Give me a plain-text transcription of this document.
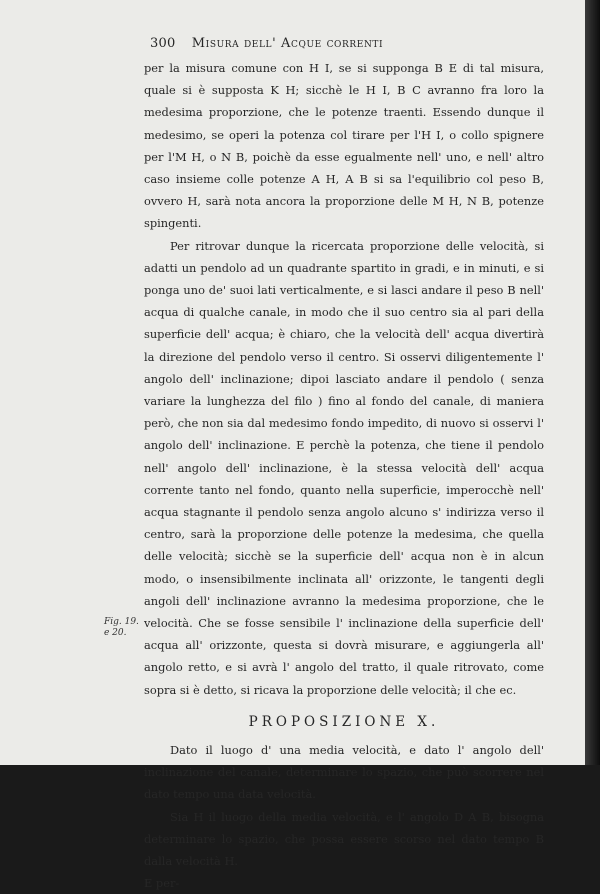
300 Misura dell' Acque correnti

per la misura comune con H I, se si supponga B E di tal misura, quale si è supposta K H; sicchè le H I, B C avranno fra loro la medesima proporzione, che le potenze traenti. Essendo dunque il medesimo, se operi la potenza col tirare per l'H I, o collo spignere per l'M H, o N B, poichè da esse egualmente nell' uno, e nell' altro caso insieme colle potenze A H, A B si sa l'equilibrio col peso B, ovvero H, sarà nota ancora la proporzione delle M H, N B, potenze spingenti.

Per ritrovar dunque la ricercata proporzione delle velocità, si adatti un pendolo ad un quadrante spartito in gradi, e in minuti, e si ponga uno de' suoi lati verticalmente, e si lasci andare il peso B nell' acqua di qualche canale, in modo che il suo centro sia al pari della superficie dell' acqua; è chiaro, che la velocità dell' acqua divertirà la direzione del pendolo verso il centro. Si osservi diligentemente l' angolo dell' inclinazione; dipoi lasciato andare il pendolo ( senza variare la lunghezza del filo ) fino al fondo del canale, di maniera però, che non sia dal medesimo fondo impedito, di nuovo si osservi l' angolo dell' inclinazione. E perchè la potenza, che tiene il pendolo nell' angolo dell' inclinazione, è la stessa velocità dell' acqua corrente tanto nel fondo, quanto nella superficie, imperocchè nell' acqua stagnante il pendolo senza angolo alcuno s' indirizza verso il centro, sarà la proporzione delle potenze la medesima, che quella delle velocità; sicchè se la superficie dell' acqua non è in alcun modo, o insensibilmente inclinata all' orizzonte, le tangenti degli angoli dell' inclinazione avranno la medesima proporzione, che le velocità. Che se fosse sensibile l' inclinazione della superficie dell' acqua all' orizzonte, questa si dovrà misurare, e aggiungerla all' angolo retto, e si avrà l' angolo del tratto, il quale ritrovato, come sopra si è detto, si ricava la proporzione delle velocità; il che ec.

PROPOSIZIONE X.

Dato il luogo d' una media velocità, e dato l' angolo dell' inclinazione del canale, determinare lo spazio, che può scorrere nel dato tempo una data velocità.

Sia H il luogo della media velocità, e l' angolo D A B, bisogna determinare lo spazio, che possa essere scorso nel dato tempo B dalla velocità H.

E per-

Fig. 19.
e 20.
